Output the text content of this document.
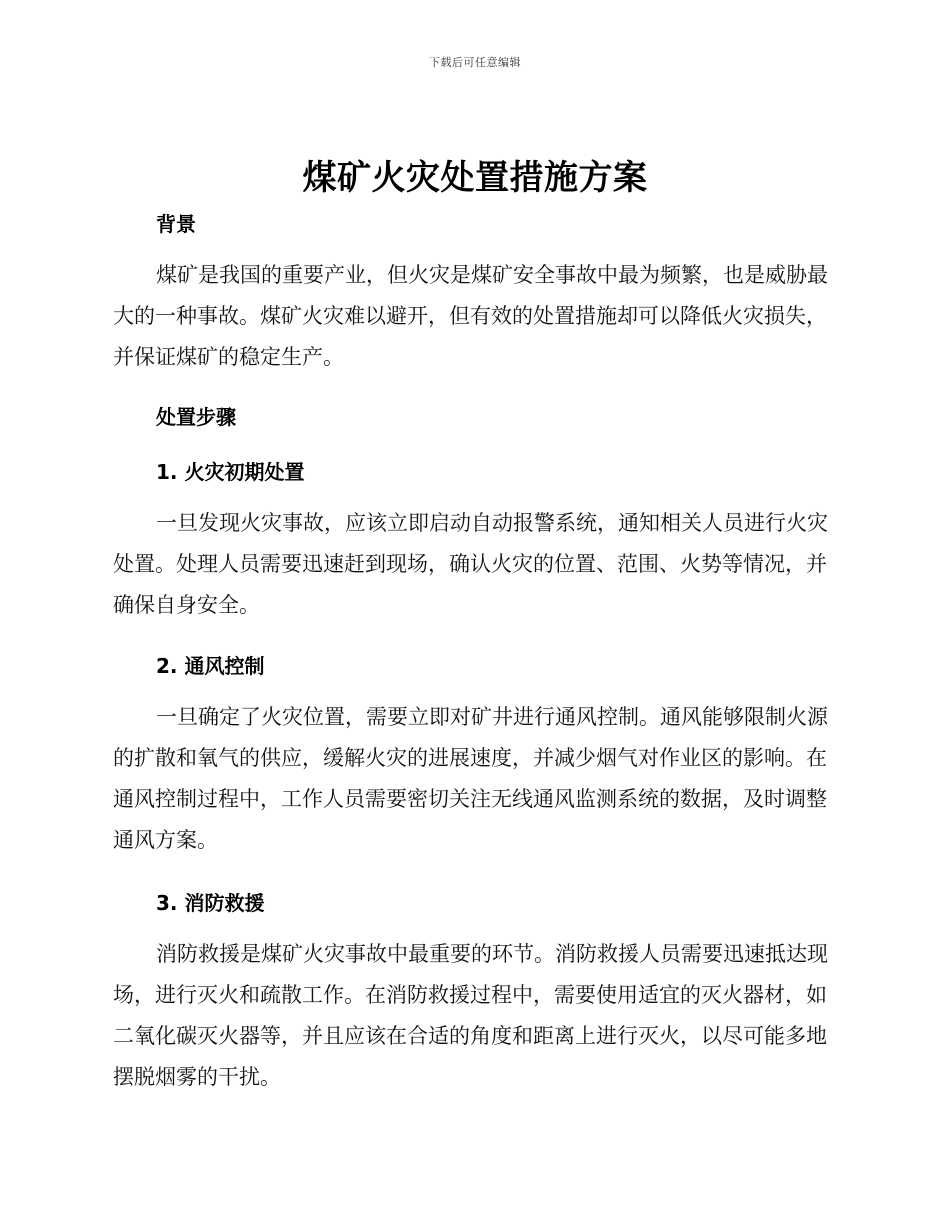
下载后可任意编辑
煤矿火灾处置措施方案
背景
煤矿是我国的重要产业，但火灾是煤矿安全事故中最为频繁，也是威胁最大的一种事故。煤矿火灾难以避开，但有效的处置措施却可以降低火灾损失，并保证煤矿的稳定生产。
处置步骤
1. 火灾初期处置
一旦发现火灾事故，应该立即启动自动报警系统，通知相关人员进行火灾处置。处理人员需要迅速赶到现场，确认火灾的位置、范围、火势等情况，并确保自身安全。
2. 通风控制
一旦确定了火灾位置，需要立即对矿井进行通风控制。通风能够限制火源的扩散和氧气的供应，缓解火灾的进展速度，并减少烟气对作业区的影响。在通风控制过程中，工作人员需要密切关注无线通风监测系统的数据，及时调整通风方案。
3. 消防救援
消防救援是煤矿火灾事故中最重要的环节。消防救援人员需要迅速抵达现场，进行灭火和疏散工作。在消防救援过程中，需要使用适宜的灭火器材，如二氧化碳灭火器等，并且应该在合适的角度和距离上进行灭火，以尽可能多地摆脱烟雾的干扰。
